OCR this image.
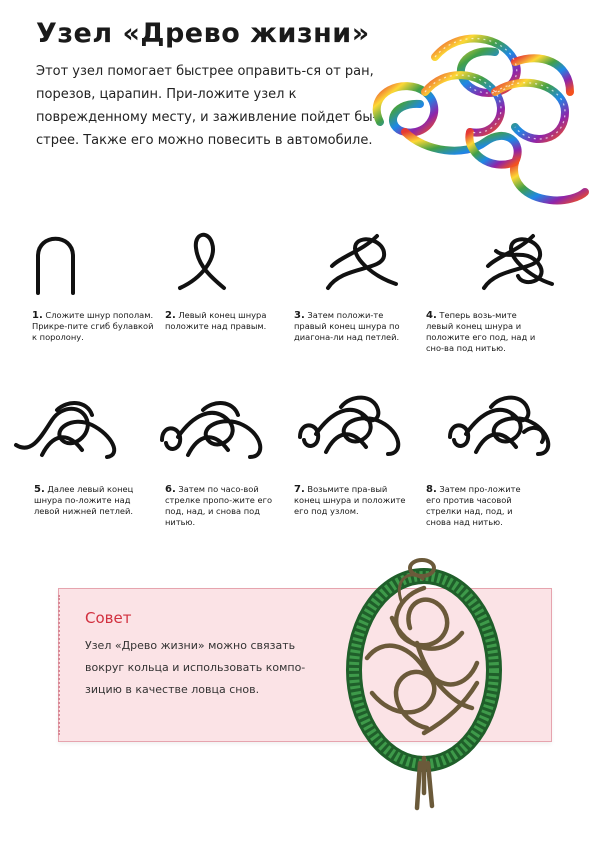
Узел «Древо жизни»

Этот узел помогает быстрее оправить-ся от ран, порезов, царапин. При-ложите узел к поврежденному месту, и заживление пойдет бы-стрее. Также его можно повесить в автомобиле.

1. Сложите шнур пополам. Прикре-пите сгиб булавкой к поролону.

2. Левый конец шнура положите над правым.

3. Затем положи-те правый конец шнура по диагона-ли над петлей.

4. Теперь возь-мите левый конец шнура и положите его под, над и сно-ва под нитью.

5. Далее левый конец шнура по-ложите над левой нижней петлей.

6. Затем по часо-вой стрелке пропо-жите его под, над, и снова под нитью.

7. Возьмите пра-вый конец шнура и положите его под узлом.

8. Затем про-ложите его против часовой стрелки над, под, и снова над нитью.

Совет

Узел «Древо жизни» можно связать вокруг кольца и использовать компо-зицию в качестве ловца снов.
